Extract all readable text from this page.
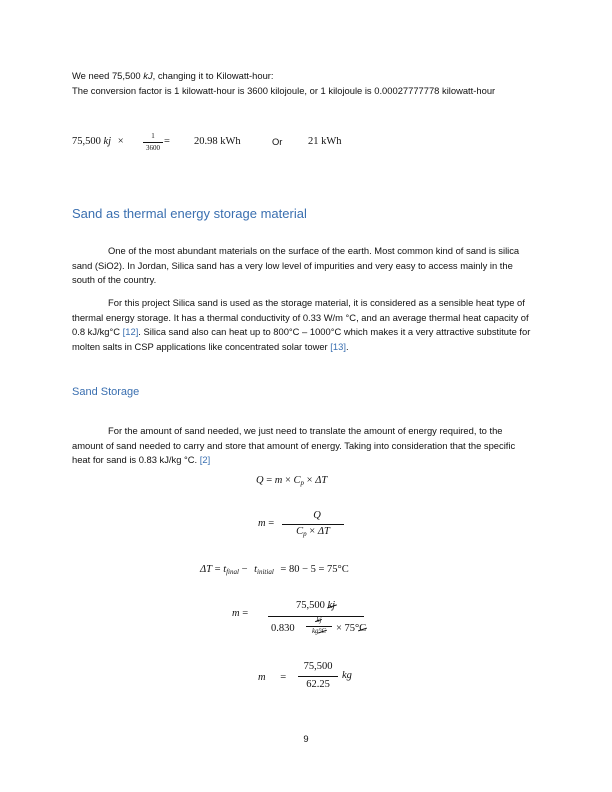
We need 75,500 kJ, changing it to Kilowatt-hour:
The conversion factor is 1 kilowatt-hour is 3600 kilojoule, or 1 kilojoule is 0.00027777778 kilowatt-hour
75,500 kj ×	1
3600
= 20.98 kWh	Or 21 kWh
Sand as thermal energy storage material
One of the most abundant materials on the surface of the earth. Most common kind of sand is silica sand (SiO2). In Jordan, Silica sand has a very low level of impurities and very easy to access mainly in the south of the country.
For this project Silica sand is used as the storage material, it is considered as a sensible heat type of thermal energy storage. It has a thermal conductivity of 0.33 W/m °C, and an average thermal heat capacity of 0.8 kJ/kg°C [12]. Silica sand also can heat up to 800°C – 1000°C which makes it a very attractive substitute for molten salts in CSP applications like concentrated solar tower [13].
Sand Storage
For the amount of sand needed, we just need to translate the amount of energy required, to the amount of sand needed to carry and store that amount of energy. Taking into consideration that the specific heat for sand is 0.83 kJ/kg °C. [2]
$Q = m \times C_p \times \Delta T$
m =
Q
$C_p \times \Delta T$
$\Delta T = t_{final} - t_{initial} = 80 - 5 = 75^\circ C$
m =
75,500 kj
0.830
kj
kg°C × 75°C
m =
75,500
62.25
kg
9
